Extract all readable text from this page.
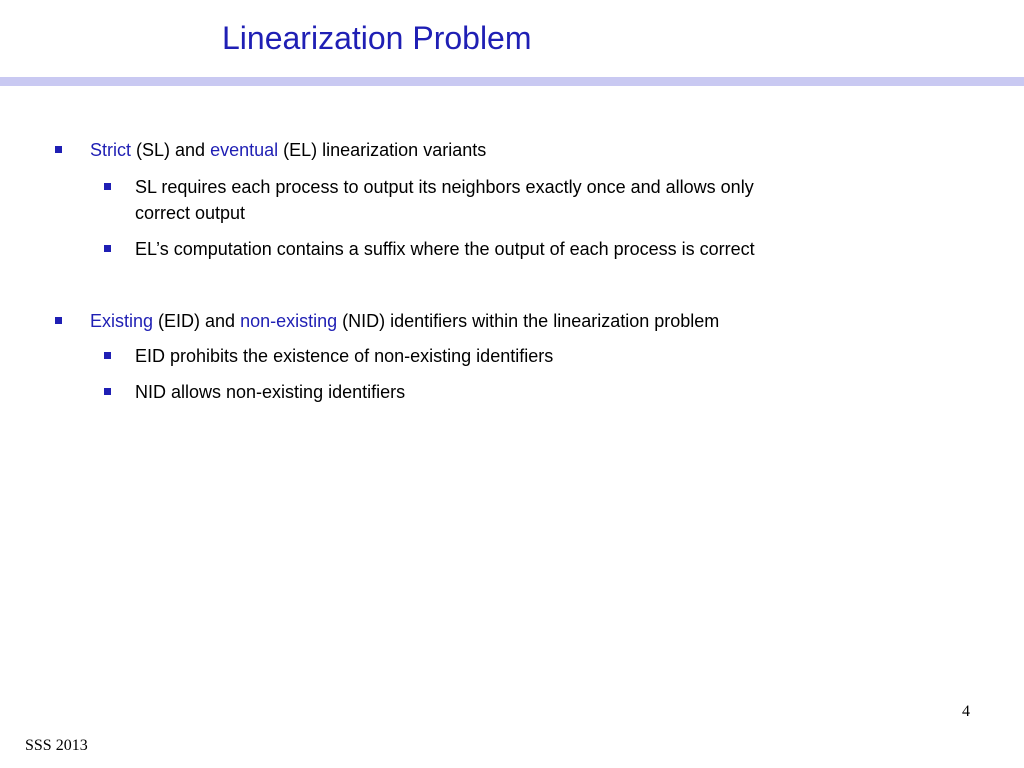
Linearization Problem
Strict (SL) and eventual (EL) linearization variants
SL requires each process to output its neighbors exactly once and allows only
correct output
EL’s computation contains a suffix where the output of each process is correct
Existing (EID) and non-existing (NID) identifiers within the linearization problem
EID prohibits the existence of non-existing identifiers
NID allows non-existing identifiers
4
SSS 2013
